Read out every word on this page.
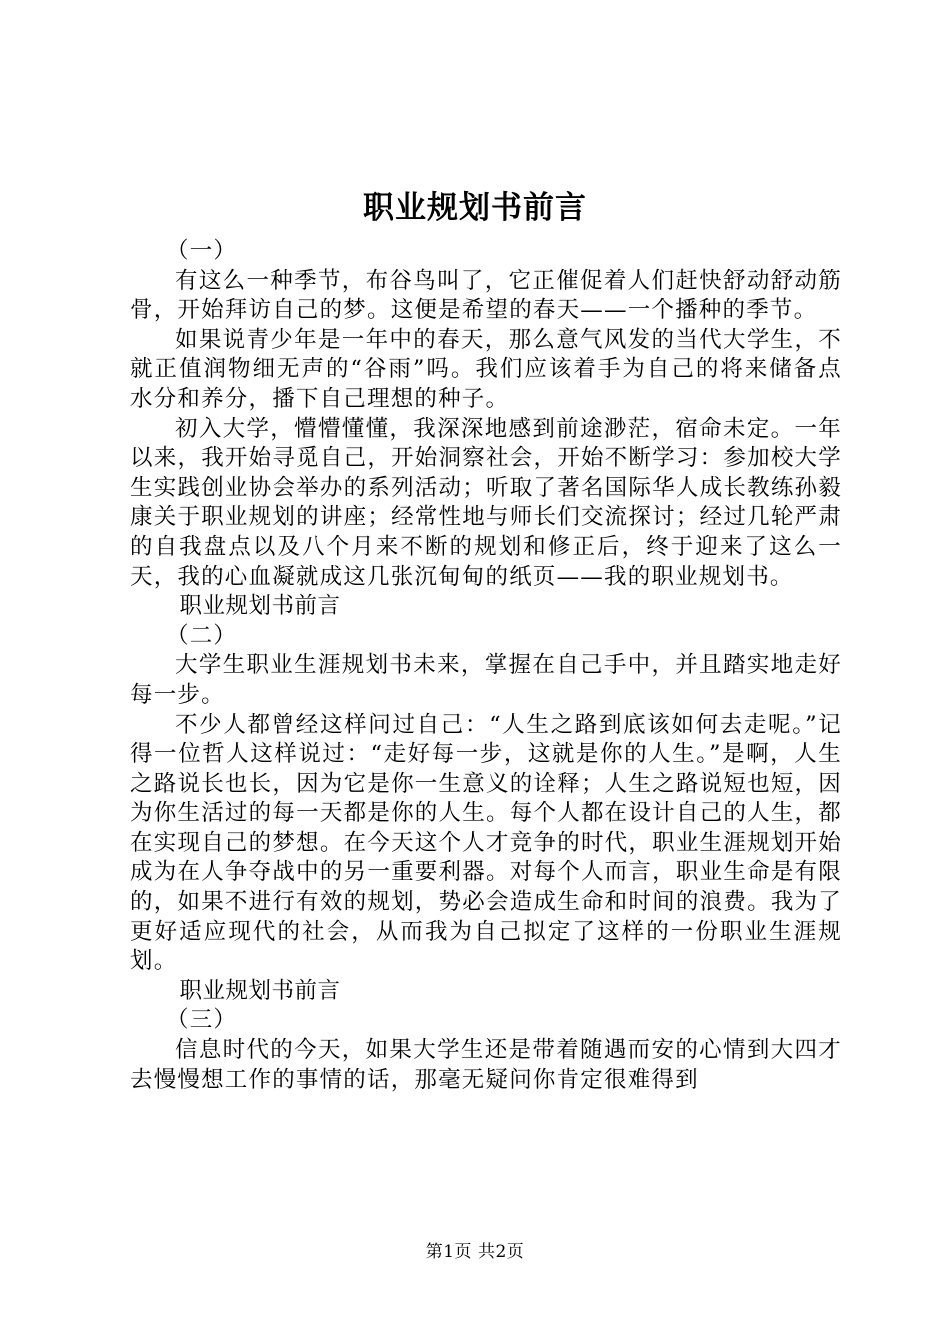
职业规划书前言

（一）

有这么一种季节，布谷鸟叫了，它正催促着人们赶快舒动舒动筋骨，开始拜访自己的梦。这便是希望的春天——一个播种的季节。

如果说青少年是一年中的春天，那么意气风发的当代大学生，不就正值润物细无声的“谷雨”吗。我们应该着手为自己的将来储备点水分和养分，播下自己理想的种子。

初入大学，懵懵懂懂，我深深地感到前途渺茫，宿命未定。一年以来，我开始寻觅自己，开始洞察社会，开始不断学习：参加校大学生实践创业协会举办的系列活动；听取了著名国际华人成长教练孙毅康关于职业规划的讲座；经常性地与师长们交流探讨；经过几轮严肃的自我盘点以及八个月来不断的规划和修正后，终于迎来了这么一天，我的心血凝就成这几张沉甸甸的纸页——我的职业规划书。

职业规划书前言

（二）

大学生职业生涯规划书未来，掌握在自己手中，并且踏实地走好每一步。

不少人都曾经这样问过自己：“人生之路到底该如何去走呢。”记得一位哲人这样说过：“走好每一步，这就是你的人生。”是啊，人生之路说长也长，因为它是你一生意义的诠释；人生之路说短也短，因为你生活过的每一天都是你的人生。每个人都在设计自己的人生，都在实现自己的梦想。在今天这个人才竞争的时代，职业生涯规划开始成为在人争夺战中的另一重要利器。对每个人而言，职业生命是有限的，如果不进行有效的规划，势必会造成生命和时间的浪费。我为了更好适应现代的社会，从而我为自己拟定了这样的一份职业生涯规划。

职业规划书前言

（三）

信息时代的今天，如果大学生还是带着随遇而安的心情到大四才去慢慢想工作的事情的话，那毫无疑问你肯定很难得到

第1页 共2页
